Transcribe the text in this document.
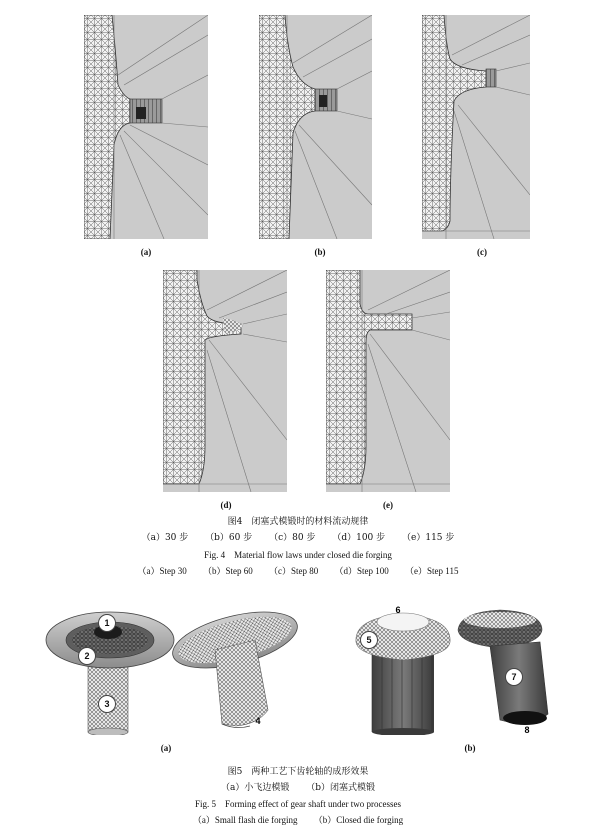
(a)	(b)	(c)
(d)	(e)
图4　闭塞式模锻时的材料流动规律
（a）30 步 （b）60 步 （c）80 步 （d）100 步 （e）115 步
Fig. 4　Material flow laws under closed die forging
（a）Step 30 （b）Step 60 （c）Step 80 （d）Step 100 （e）Step 115
1
2
3
4
(a)
5
6
7
8
(b)
图5　两种工艺下齿轮轴的成形效果
（a）小飞边模锻 （b）闭塞式模锻
Fig. 5　Forming effect of gear shaft under two processes
（a）Small flash die forging （b）Closed die forging
